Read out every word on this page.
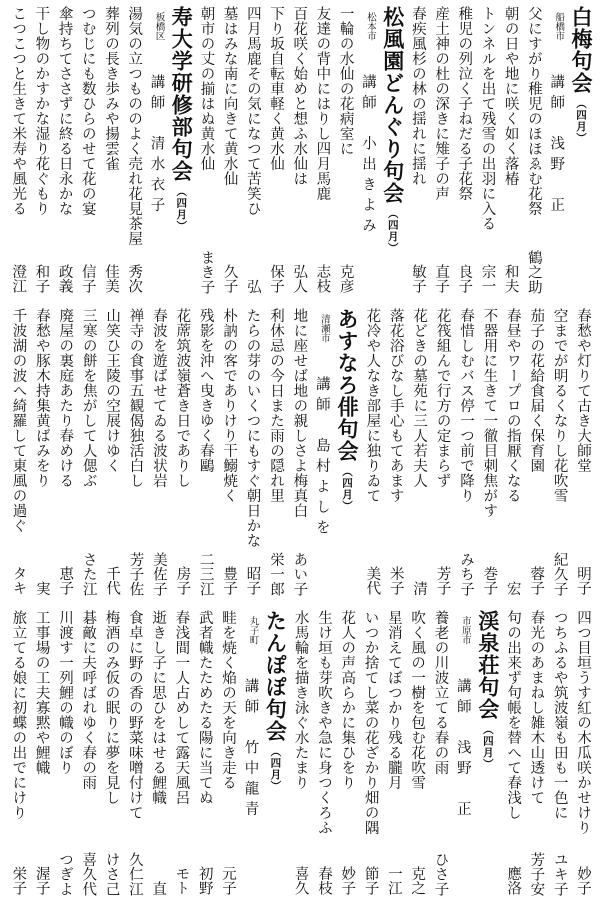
白梅句会（四月）
講師　浅野　正
船橋市
父にすがり稚児のほほゑむ花祭
鶴之助
朝の日や地に咲く如く落椿
和夫
トンネルを出て残雪の出羽に入る
宗一
稚児の列泣く子ねだる子花祭
良子
産土神の杜の深きに雉子の声
直子
春疾風杉の林の揺れに揺れ
敏子
松風園どんぐり句会（四月）
講師　小出きよみ
松本市
一輪の水仙の花病室に
克彦
友達の背中にはりし四月馬鹿
志枝
百花咲く始めと想ふ水仙は
弘人
下り坂自転車軽く黄水仙
保子
四月馬鹿その気になつて苦笑ひ
弘
墓はみな南に向きて黄水仙
久子
朝市の丈の揃はぬ黄水仙
まき子
寿大学研修部句会（四月）
講師　清水衣子
板橋区
湯気の立つもののよく売れ花見茶屋
秀次
葬列の長き歩みや揚雲雀
佳美
つむじにも数ひらのせて花の宴
信子
傘持ちてささずに終る日永かな
政義
干し物のかすかな湿り花ぐもり
和子
こつこつと生きて米寿や風光る
澄江
春愁や灯りて古き大師堂
明子
空までが明るくなりし花吹雪
紀久子
茄子の花給食届く保育園
蓉子
春昼やワープロの指厭くなる
宏
不器用に生きて一徹目刺焦がす
巻子
春惜しむバス停一つ前で降り
みち子
花筏組んで行方の定まらず
芳子
花どきの墓苑に三人若夫人
清
落花浴びなし手心もてあます
米子
花冷や人なき部屋に独りゐて
美代
あすなろ俳句会（四月）
講師　島村よしを
清瀬市
地に座せば地の親しさよ梅真白
あい子
利休忌の今日また雨の隠れ里
栄一郎
たらの芽のいくつにもすぐ朝日かな
昭子
朴訥の客でありけり干鰯焼く
豊子
残影を沖へ曳きゆく春鷗
二三江
花蓆筑波嶺蒼き日でありし
房子
春波を遊ばせてゐる波状岩
美佐子
禅寺の食事五観偈独活白し
芳子佐
山笑ひ王陵の空展けゆく
千代
三寒の餅を焦がして人偲ぶ
さた江
廃屋の裏庭あたり春めける
恵子
春愁や豚木持集黄ばみをり
実
千波湖の波へ綺羅して東風の過ぐ
タキ
四つ目垣うす紅の木瓜咲かせけり
妙子
つちふるや筑波嶺も田も一色に
ユキ子
春光のあまねし雑木山透けて
芳子安
句の出来ず句帳を替へて春浅し
應洛
渓泉荘句会（四月）
講師　浅野　正
市原市
養老の川波立てる春の雨
ひさ子
吹く風の一樹を包む花吹雪
克之
星消えてぼつかり残る朧月
一江
いつか捨てし菜の花ざかり畑の隅
節子
花人の声高らかに集ひをり
妙子
生け垣も芽吹きや急に身つくろふ
春枝
水馬輪を描き泳ぐ水たまり
喜久
たんぽぽ句会（四月）
講師　竹中龍青
丸子町
畦を焼く焔の天を向き走る
元子
武者幟たためたる陽に当てぬ
初野
春浅間一人占めして露天風呂
モト
逝きし子に思ひをはせる鯉幟
直
食卓に野の香の野菜味噌付けて
久仁江
梅酒のみ仮の眠りに夢を見し
けさ己
碁敵に夫呼ばれゆく春の雨
喜久代
川渡す一列鯉の幟のぼり
つぎよ
工事場の工夫寡黙や鯉幟
渥子
旅立てる娘に初蝶の出でにけり
栄子
